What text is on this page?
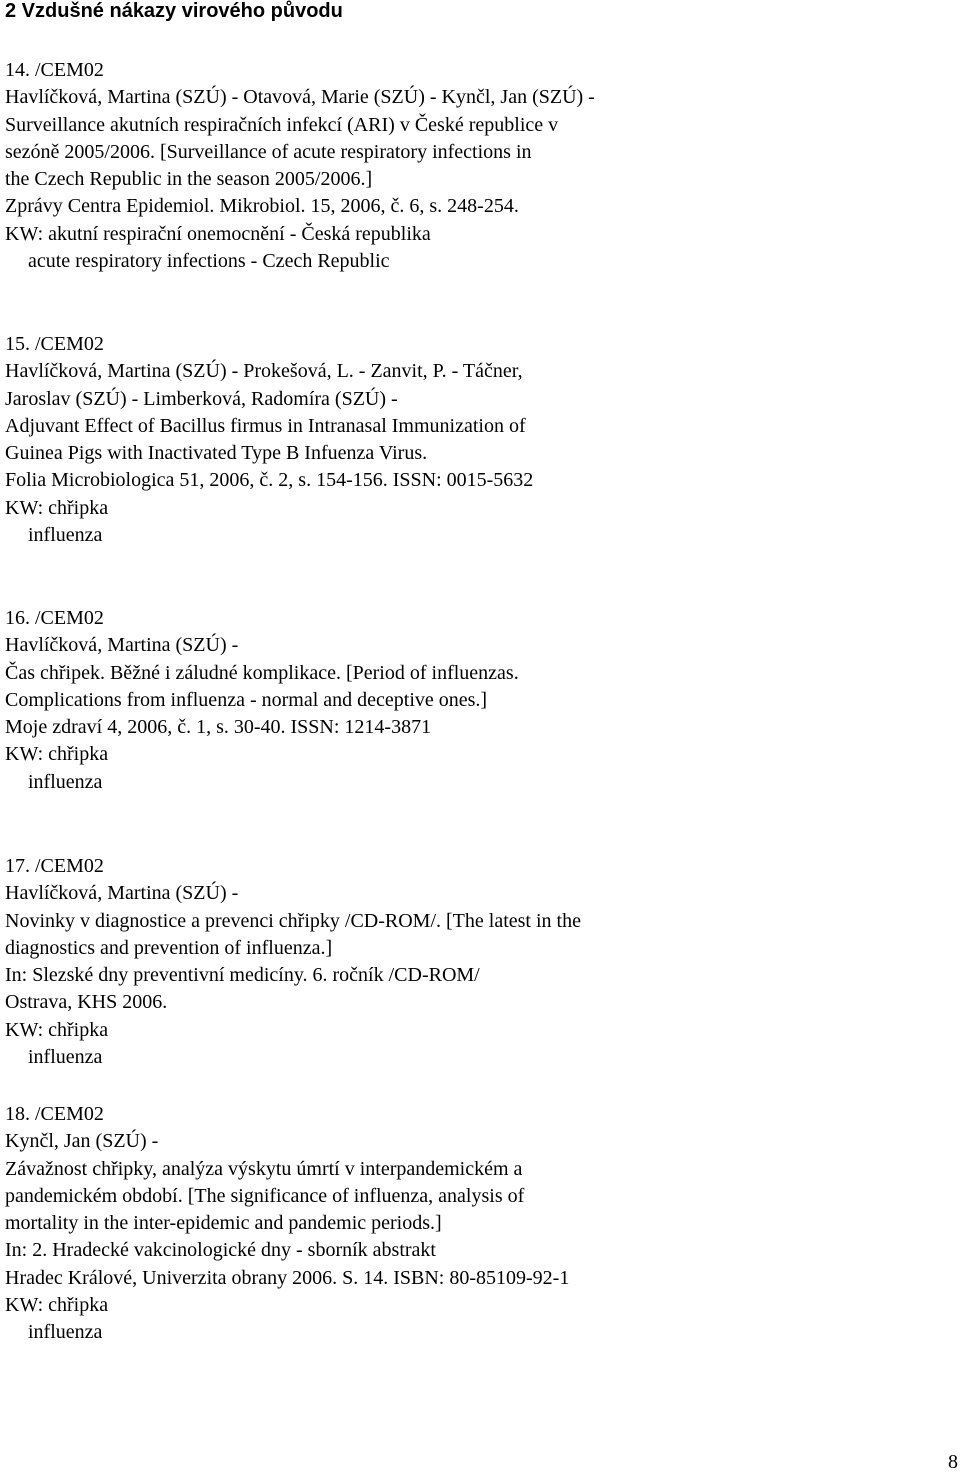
2 Vzdušné nákazy virového původu
14. /CEM02
Havlíčková, Martina (SZÚ) - Otavová, Marie (SZÚ) - Kynčl, Jan (SZÚ) -
Surveillance akutních respiračních infekcí (ARI) v České republice v
sezóně 2005/2006. [Surveillance of acute respiratory infections in
the Czech Republic in the season 2005/2006.]
Zprávy Centra Epidemiol. Mikrobiol. 15, 2006, č. 6, s. 248-254.
KW: akutní respirační onemocnění - Česká republika
acute respiratory infections - Czech Republic
15. /CEM02
Havlíčková, Martina (SZÚ) - Prokešová, L. - Zanvit, P. - Táčner,
Jaroslav (SZÚ) - Limberková, Radomíra (SZÚ) -
Adjuvant Effect of Bacillus firmus in Intranasal Immunization of
Guinea Pigs with Inactivated Type B Infuenza Virus.
Folia Microbiologica 51, 2006, č. 2, s. 154-156. ISSN: 0015-5632
KW: chřipka
influenza
16. /CEM02
Havlíčková, Martina (SZÚ) -
Čas chřipek. Běžné i záludné komplikace. [Period of influenzas.
Complications from influenza - normal and deceptive ones.]
Moje zdraví 4, 2006, č. 1, s. 30-40. ISSN: 1214-3871
KW: chřipka
influenza
17. /CEM02
Havlíčková, Martina (SZÚ) -
Novinky v diagnostice a prevenci chřipky /CD-ROM/. [The latest in the
diagnostics and prevention of influenza.]
In: Slezské dny preventivní medicíny. 6. ročník /CD-ROM/
Ostrava, KHS 2006.
KW: chřipka
influenza
18. /CEM02
Kynčl, Jan (SZÚ) -
Závažnost chřipky, analýza výskytu úmrtí v interpandemickém a
pandemickém období. [The significance of influenza, analysis of
mortality in the inter-epidemic and pandemic periods.]
In: 2. Hradecké vakcinologické dny - sborník abstrakt
Hradec Králové, Univerzita obrany 2006. S. 14. ISBN: 80-85109-92-1
KW: chřipka
influenza
8
